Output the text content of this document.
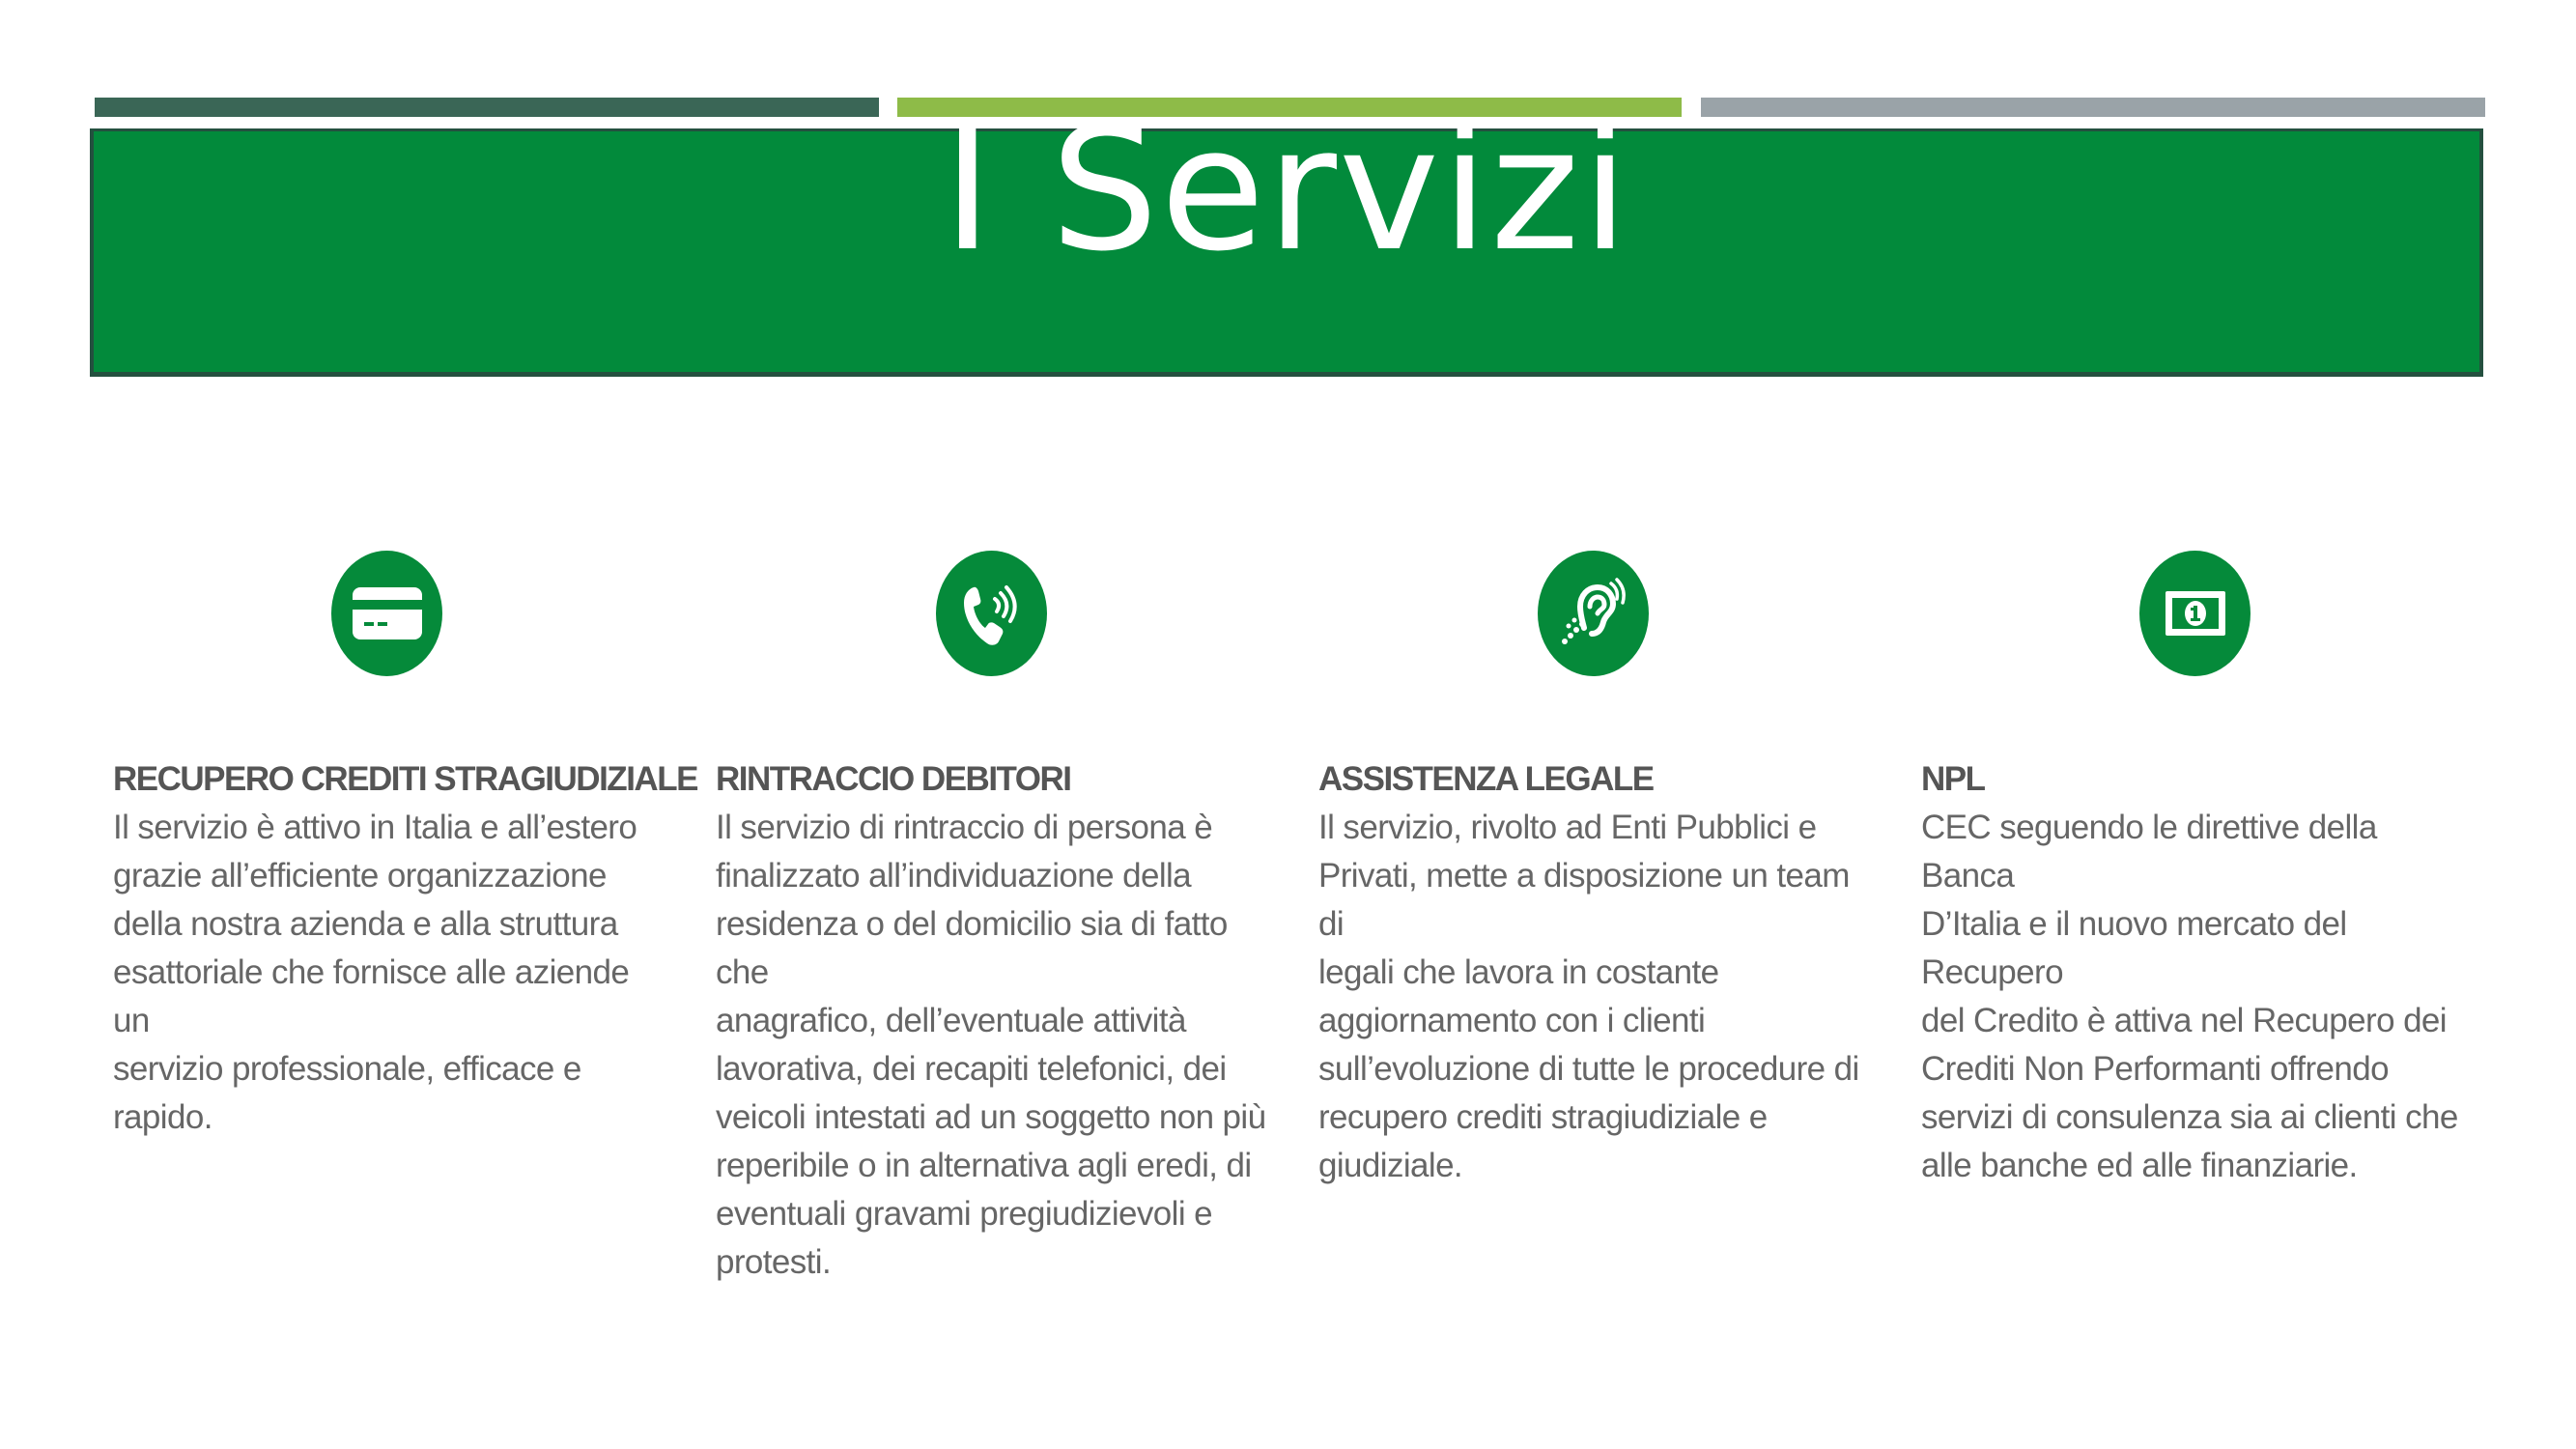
I Servizi
RECUPERO CREDITI STRAGIUDIZIALE

Il servizio è attivo in Italia e all’estero
grazie all’efficiente organizzazione
della nostra azienda e alla struttura
esattoriale che fornisce alle aziende un
servizio professionale, efficace e
rapido.

RINTRACCIO DEBITORI

Il servizio di rintraccio di persona è
finalizzato all’individuazione della
residenza o del domicilio sia di fatto che
anagrafico, dell’eventuale attività
lavorativa, dei recapiti telefonici, dei
veicoli intestati ad un soggetto non più
reperibile o in alternativa agli eredi, di
eventuali gravami pregiudizievoli e
protesti.

ASSISTENZA LEGALE

Il servizio, rivolto ad Enti Pubblici e
Privati, mette a disposizione un team di
legali che lavora in costante
aggiornamento con i clienti
sull’evoluzione di tutte le procedure di
recupero crediti stragiudiziale e
giudiziale.

NPL

CEC seguendo le direttive della Banca
D’Italia e il nuovo mercato del Recupero
del Credito è attiva nel Recupero dei
Crediti Non Performanti offrendo
servizi di consulenza sia ai clienti che
alle banche ed alle finanziarie.
